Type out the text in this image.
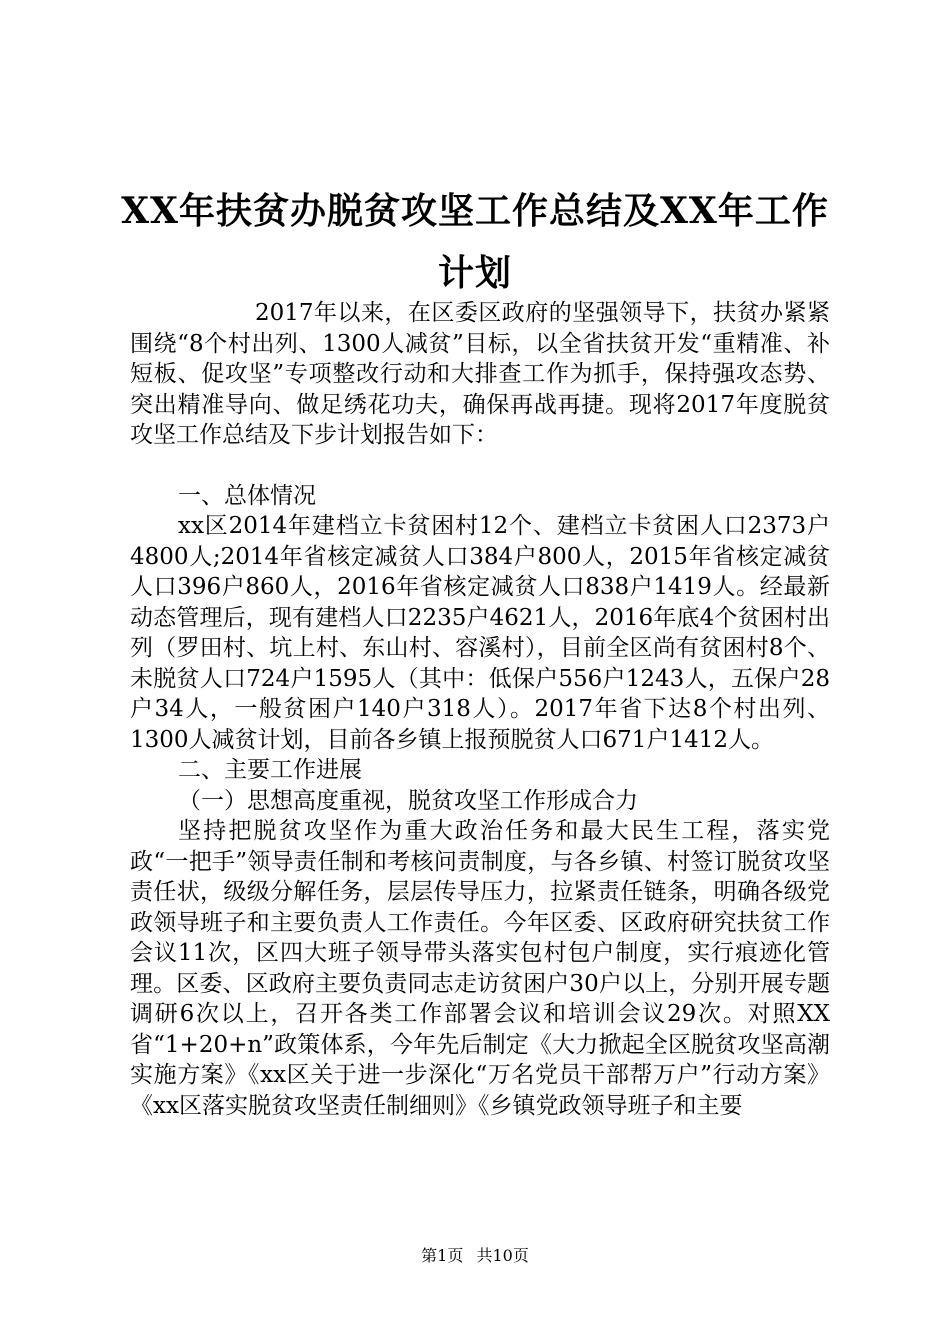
XX年扶贫办脱贫攻坚工作总结及XX年工作计划

2017年以来，在区委区政府的坚强领导下，扶贫办紧紧围绕“8个村出列、1300人减贫”目标，以全省扶贫开发“重精准、补短板、促攻坚”专项整改行动和大排查工作为抓手，保持强攻态势、突出精准导向、做足绣花功夫，确保再战再捷。现将2017年度脱贫攻坚工作总结及下步计划报告如下：

一、总体情况

xx区2014年建档立卡贫困村12个、建档立卡贫困人口2373户4800人;2014年省核定减贫人口384户800人，2015年省核定减贫人口396户860人，2016年省核定减贫人口838户1419人。经最新动态管理后，现有建档人口2235户4621人，2016年底4个贫困村出列（罗田村、坑上村、东山村、容溪村），目前全区尚有贫困村8个、未脱贫人口724户1595人（其中：低保户556户1243人，五保户28户34人，一般贫困户140户318人）。2017年省下达8个村出列、1300人减贫计划，目前各乡镇上报预脱贫人口671户1412人。

二、主要工作进展

（一）思想高度重视，脱贫攻坚工作形成合力

坚持把脱贫攻坚作为重大政治任务和最大民生工程，落实党政“一把手”领导责任制和考核问责制度，与各乡镇、村签订脱贫攻坚责任状，级级分解任务，层层传导压力，拉紧责任链条，明确各级党政领导班子和主要负责人工作责任。今年区委、区政府研究扶贫工作会议11次，区四大班子领导带头落实包村包户制度，实行痕迹化管理。区委、区政府主要负责同志走访贫困户30户以上，分别开展专题调研6次以上，召开各类工作部署会议和培训会议29次。对照XX省“1+20+n”政策体系，今年先后制定《大力掀起全区脱贫攻坚高潮实施方案》《xx区关于进一步深化“万名党员干部帮万户”行动方案》《xx区落实脱贫攻坚责任制细则》《乡镇党政领导班子和主要

第1页 共10页
